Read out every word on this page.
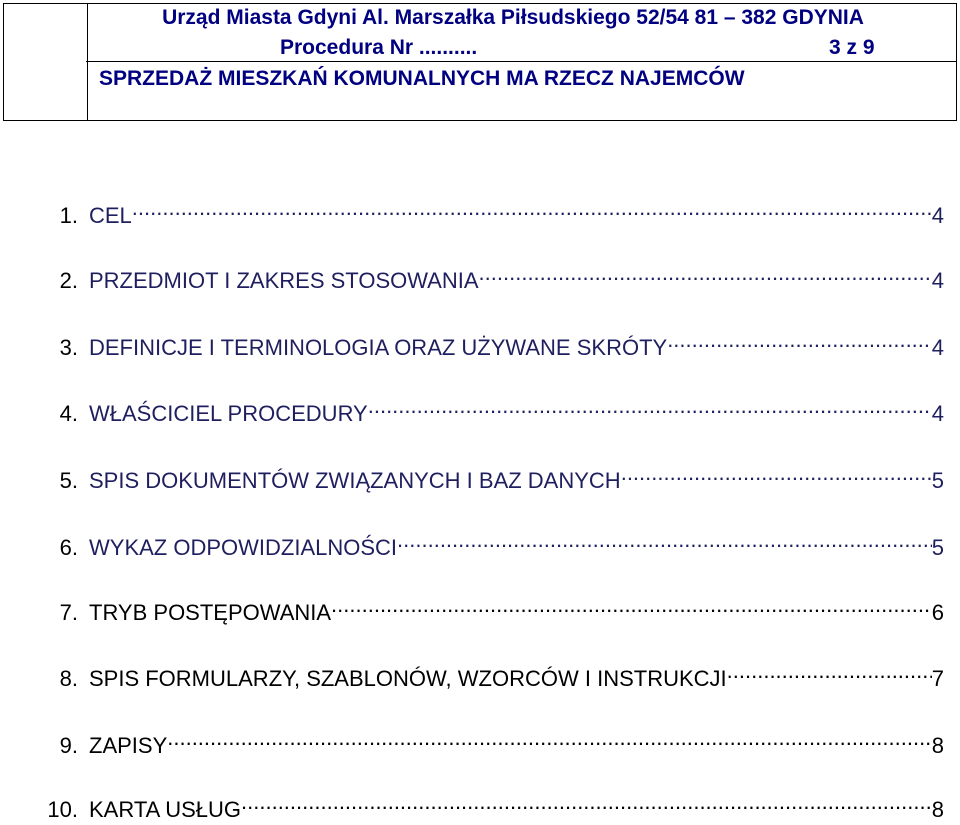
Urząd Miasta Gdyni Al. Marszałka Piłsudskiego 52/54 81 – 382 GDYNIA
Procedura Nr ..........	3 z 9
SPRZEDAŻ MIESZKAŃ KOMUNALNYCH MA RZECZ NAJEMCÓW
1. CEL .....	4
2. PRZEDMIOT I ZAKRES STOSOWANIA .....	4
3. DEFINICJE I TERMINOLOGIA ORAZ UŻYWANE SKRÓTY .....	4
4. WŁAŚCICIEL PROCEDURY .....	4
5. SPIS DOKUMENTÓW ZWIĄZANYCH I BAZ DANYCH .....	5
6. WYKAZ ODPOWIDZIALNOŚCI .....	5
7. TRYB POSTĘPOWANIA .....	6
8. SPIS FORMULARZY, SZABLONÓW, WZORCÓW I INSTRUKCJI .....	7
9. ZAPISY .....	8
10. KARTA USŁUG .....	8
